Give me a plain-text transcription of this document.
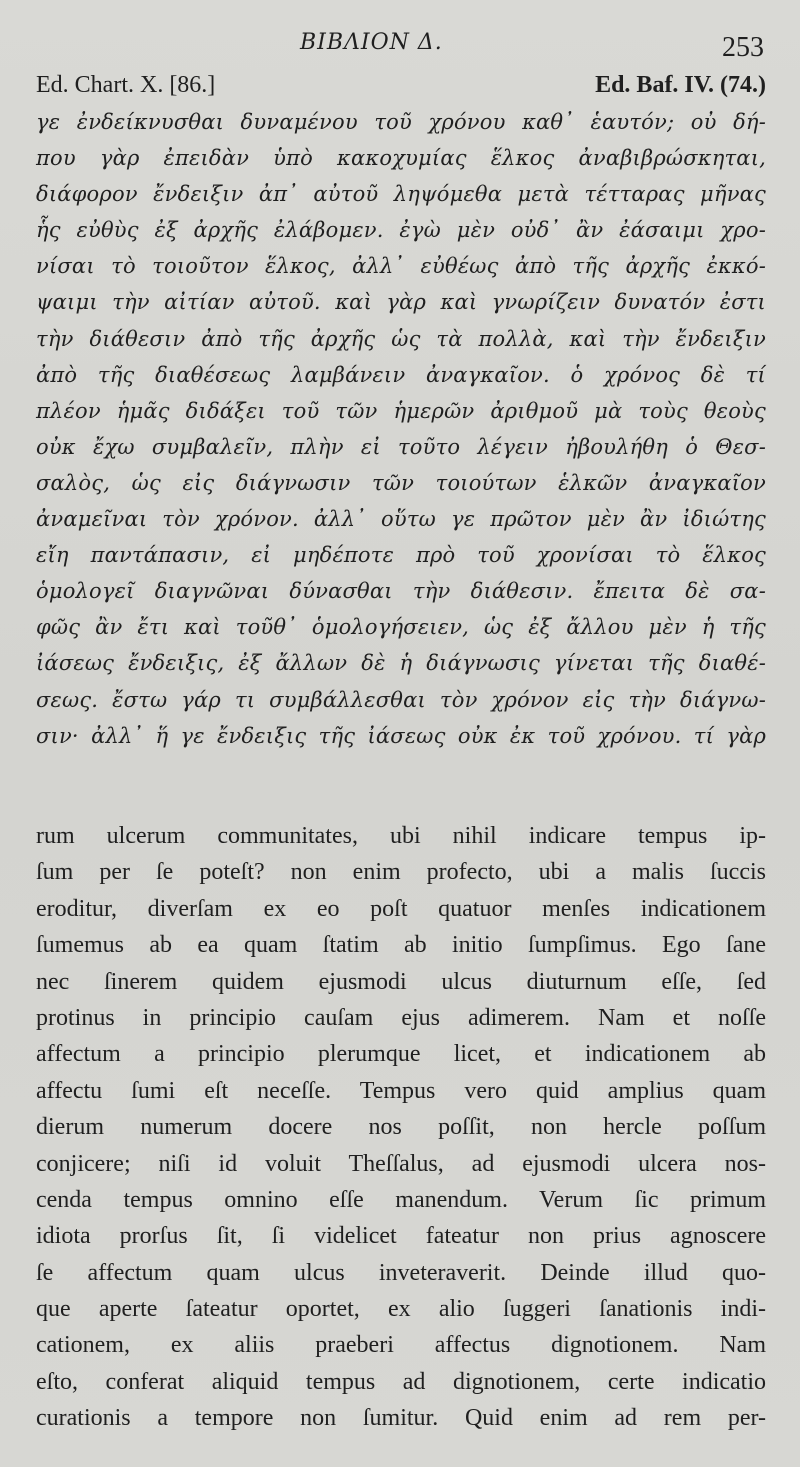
ΒΙΒΛΙΟΝ Δ.	253
Ed. Chart. X. [86.]	Ed. Baf. IV. (74.)
γε ἐνδείκνυσθαι δυναμένου τοῦ χρόνου καθ᾽ ἑαυτόν; οὐ δή-
που γὰρ ἐπειδὰν ὑπὸ κακοχυμίας ἕλκος ἀναβιβρώσκηται,
διάφορον ἔνδειξιν ἀπ᾽ αὐτοῦ ληψόμεθα μετὰ τέτταρας μῆνας
ἧς εὐθὺς ἐξ ἀρχῆς ἐλάβομεν. ἐγὼ μὲν οὐδ᾽ ἂν ἐάσαιμι χρο-
νίσαι τὸ τοιοῦτον ἕλκος, ἀλλ᾽ εὐθέως ἀπὸ τῆς ἀρχῆς ἐκκό-
ψαιμι τὴν αἰτίαν αὐτοῦ. καὶ γὰρ καὶ γνωρίζειν δυνατόν ἐστι
τὴν διάθεσιν ἀπὸ τῆς ἀρχῆς ὡς τὰ πολλὰ, καὶ τὴν ἔνδειξιν
ἀπὸ τῆς διαθέσεως λαμβάνειν ἀναγκαῖον. ὁ χρόνος δὲ τί
πλέον ἡμᾶς διδάξει τοῦ τῶν ἡμερῶν ἀριθμοῦ μὰ τοὺς θεοὺς
οὐκ ἔχω συμβαλεῖν, πλὴν εἰ τοῦτο λέγειν ἠβουλήθη ὁ Θεσ-
σαλὸς, ὡς εἰς διάγνωσιν τῶν τοιούτων ἑλκῶν ἀναγκαῖον
ἀναμεῖναι τὸν χρόνον. ἀλλ᾽ οὕτω γε πρῶτον μὲν ἂν ἰδιώτης
εἴη παντάπασιν, εἰ μηδέποτε πρὸ τοῦ χρονίσαι τὸ ἕλκος
ὁμολογεῖ διαγνῶναι δύνασθαι τὴν διάθεσιν. ἔπειτα δὲ σα-
φῶς ἂν ἔτι καὶ τοῦθ᾽ ὁμολογήσειεν, ὡς ἐξ ἄλλου μὲν ἡ τῆς
ἰάσεως ἔνδειξις, ἐξ ἄλλων δὲ ἡ διάγνωσις γίνεται τῆς διαθέ-
σεως. ἔστω γάρ τι συμβάλλεσθαι τὸν χρόνον εἰς τὴν διάγνω-
σιν· ἀλλ᾽ ἥ γε ἔνδειξις τῆς ἰάσεως οὐκ ἐκ τοῦ χρόνου. τί γὰρ
rum ulcerum communitates, ubi nihil indicare tempus ip-
ſum per ſe poteſt? non enim profecto, ubi a malis ſuccis
eroditur, diverſam ex eo poſt quatuor menſes indicationem
ſumemus ab ea quam ſtatim ab initio ſumpſimus. Ego ſane
nec ſinerem quidem ejusmodi ulcus diuturnum eſſe, ſed
protinus in principio cauſam ejus adimerem. Nam et noſſe
affectum a principio plerumque licet, et indicationem ab
affectu ſumi eſt neceſſe. Tempus vero quid amplius quam
dierum numerum docere nos poſſit, non hercle poſſum
conjicere; niſi id voluit Theſſalus, ad ejusmodi ulcera nos-
cenda tempus omnino eſſe manendum. Verum ſic primum
idiota prorſus ſit, ſi videlicet fateatur non prius agnoscere
ſe affectum quam ulcus inveteraverit. Deinde illud quo-
que aperte ſateatur oportet, ex alio ſuggeri ſanationis indi-
cationem, ex aliis praeberi affectus dignotionem. Nam
eſto, conferat aliquid tempus ad dignotionem, certe indicatio
curationis a tempore non ſumitur. Quid enim ad rem per-
